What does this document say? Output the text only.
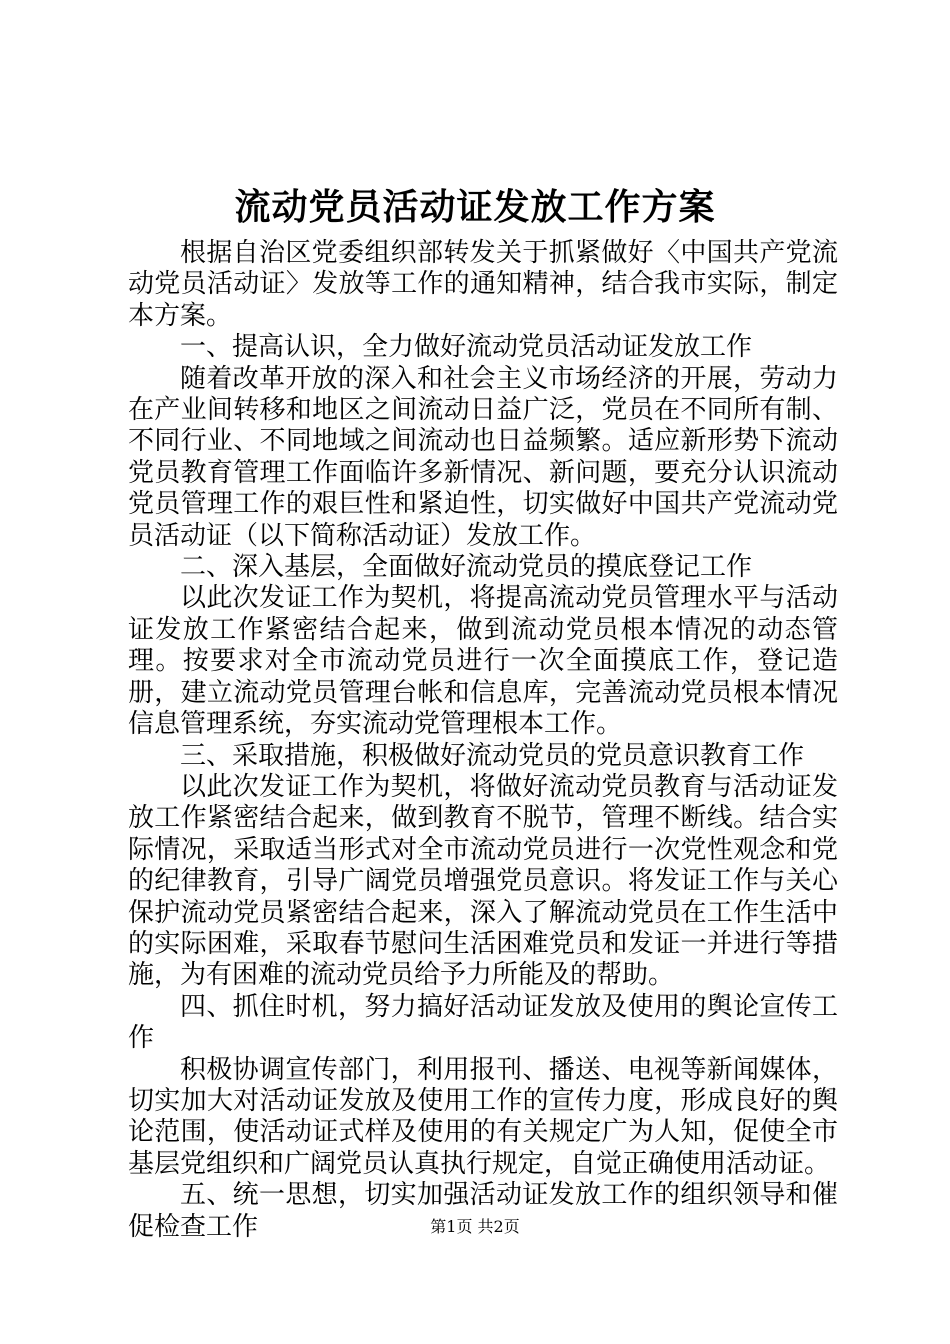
流动党员活动证发放工作方案

根据自治区党委组织部转发关于抓紧做好〈中国共产党流动党员活动证〉发放等工作的通知精神，结合我市实际，制定本方案。

一、提高认识，全力做好流动党员活动证发放工作

随着改革开放的深入和社会主义市场经济的开展，劳动力在产业间转移和地区之间流动日益广泛，党员在不同所有制、不同行业、不同地域之间流动也日益频繁。适应新形势下流动党员教育管理工作面临许多新情况、新问题，要充分认识流动党员管理工作的艰巨性和紧迫性，切实做好中国共产党流动党员活动证（以下简称活动证）发放工作。

二、深入基层，全面做好流动党员的摸底登记工作

以此次发证工作为契机，将提高流动党员管理水平与活动证发放工作紧密结合起来，做到流动党员根本情况的动态管理。按要求对全市流动党员进行一次全面摸底工作，登记造册，建立流动党员管理台帐和信息库，完善流动党员根本情况信息管理系统，夯实流动党管理根本工作。

三、采取措施，积极做好流动党员的党员意识教育工作

以此次发证工作为契机，将做好流动党员教育与活动证发放工作紧密结合起来，做到教育不脱节，管理不断线。结合实际情况，采取适当形式对全市流动党员进行一次党性观念和党的纪律教育，引导广阔党员增强党员意识。将发证工作与关心保护流动党员紧密结合起来，深入了解流动党员在工作生活中的实际困难，采取春节慰问生活困难党员和发证一并进行等措施，为有困难的流动党员给予力所能及的帮助。

四、抓住时机，努力搞好活动证发放及使用的舆论宣传工作

积极协调宣传部门，利用报刊、播送、电视等新闻媒体，切实加大对活动证发放及使用工作的宣传力度，形成良好的舆论范围，使活动证式样及使用的有关规定广为人知，促使全市基层党组织和广阔党员认真执行规定，自觉正确使用活动证。

五、统一思想，切实加强活动证发放工作的组织领导和催促检查工作	第1页 共2页
